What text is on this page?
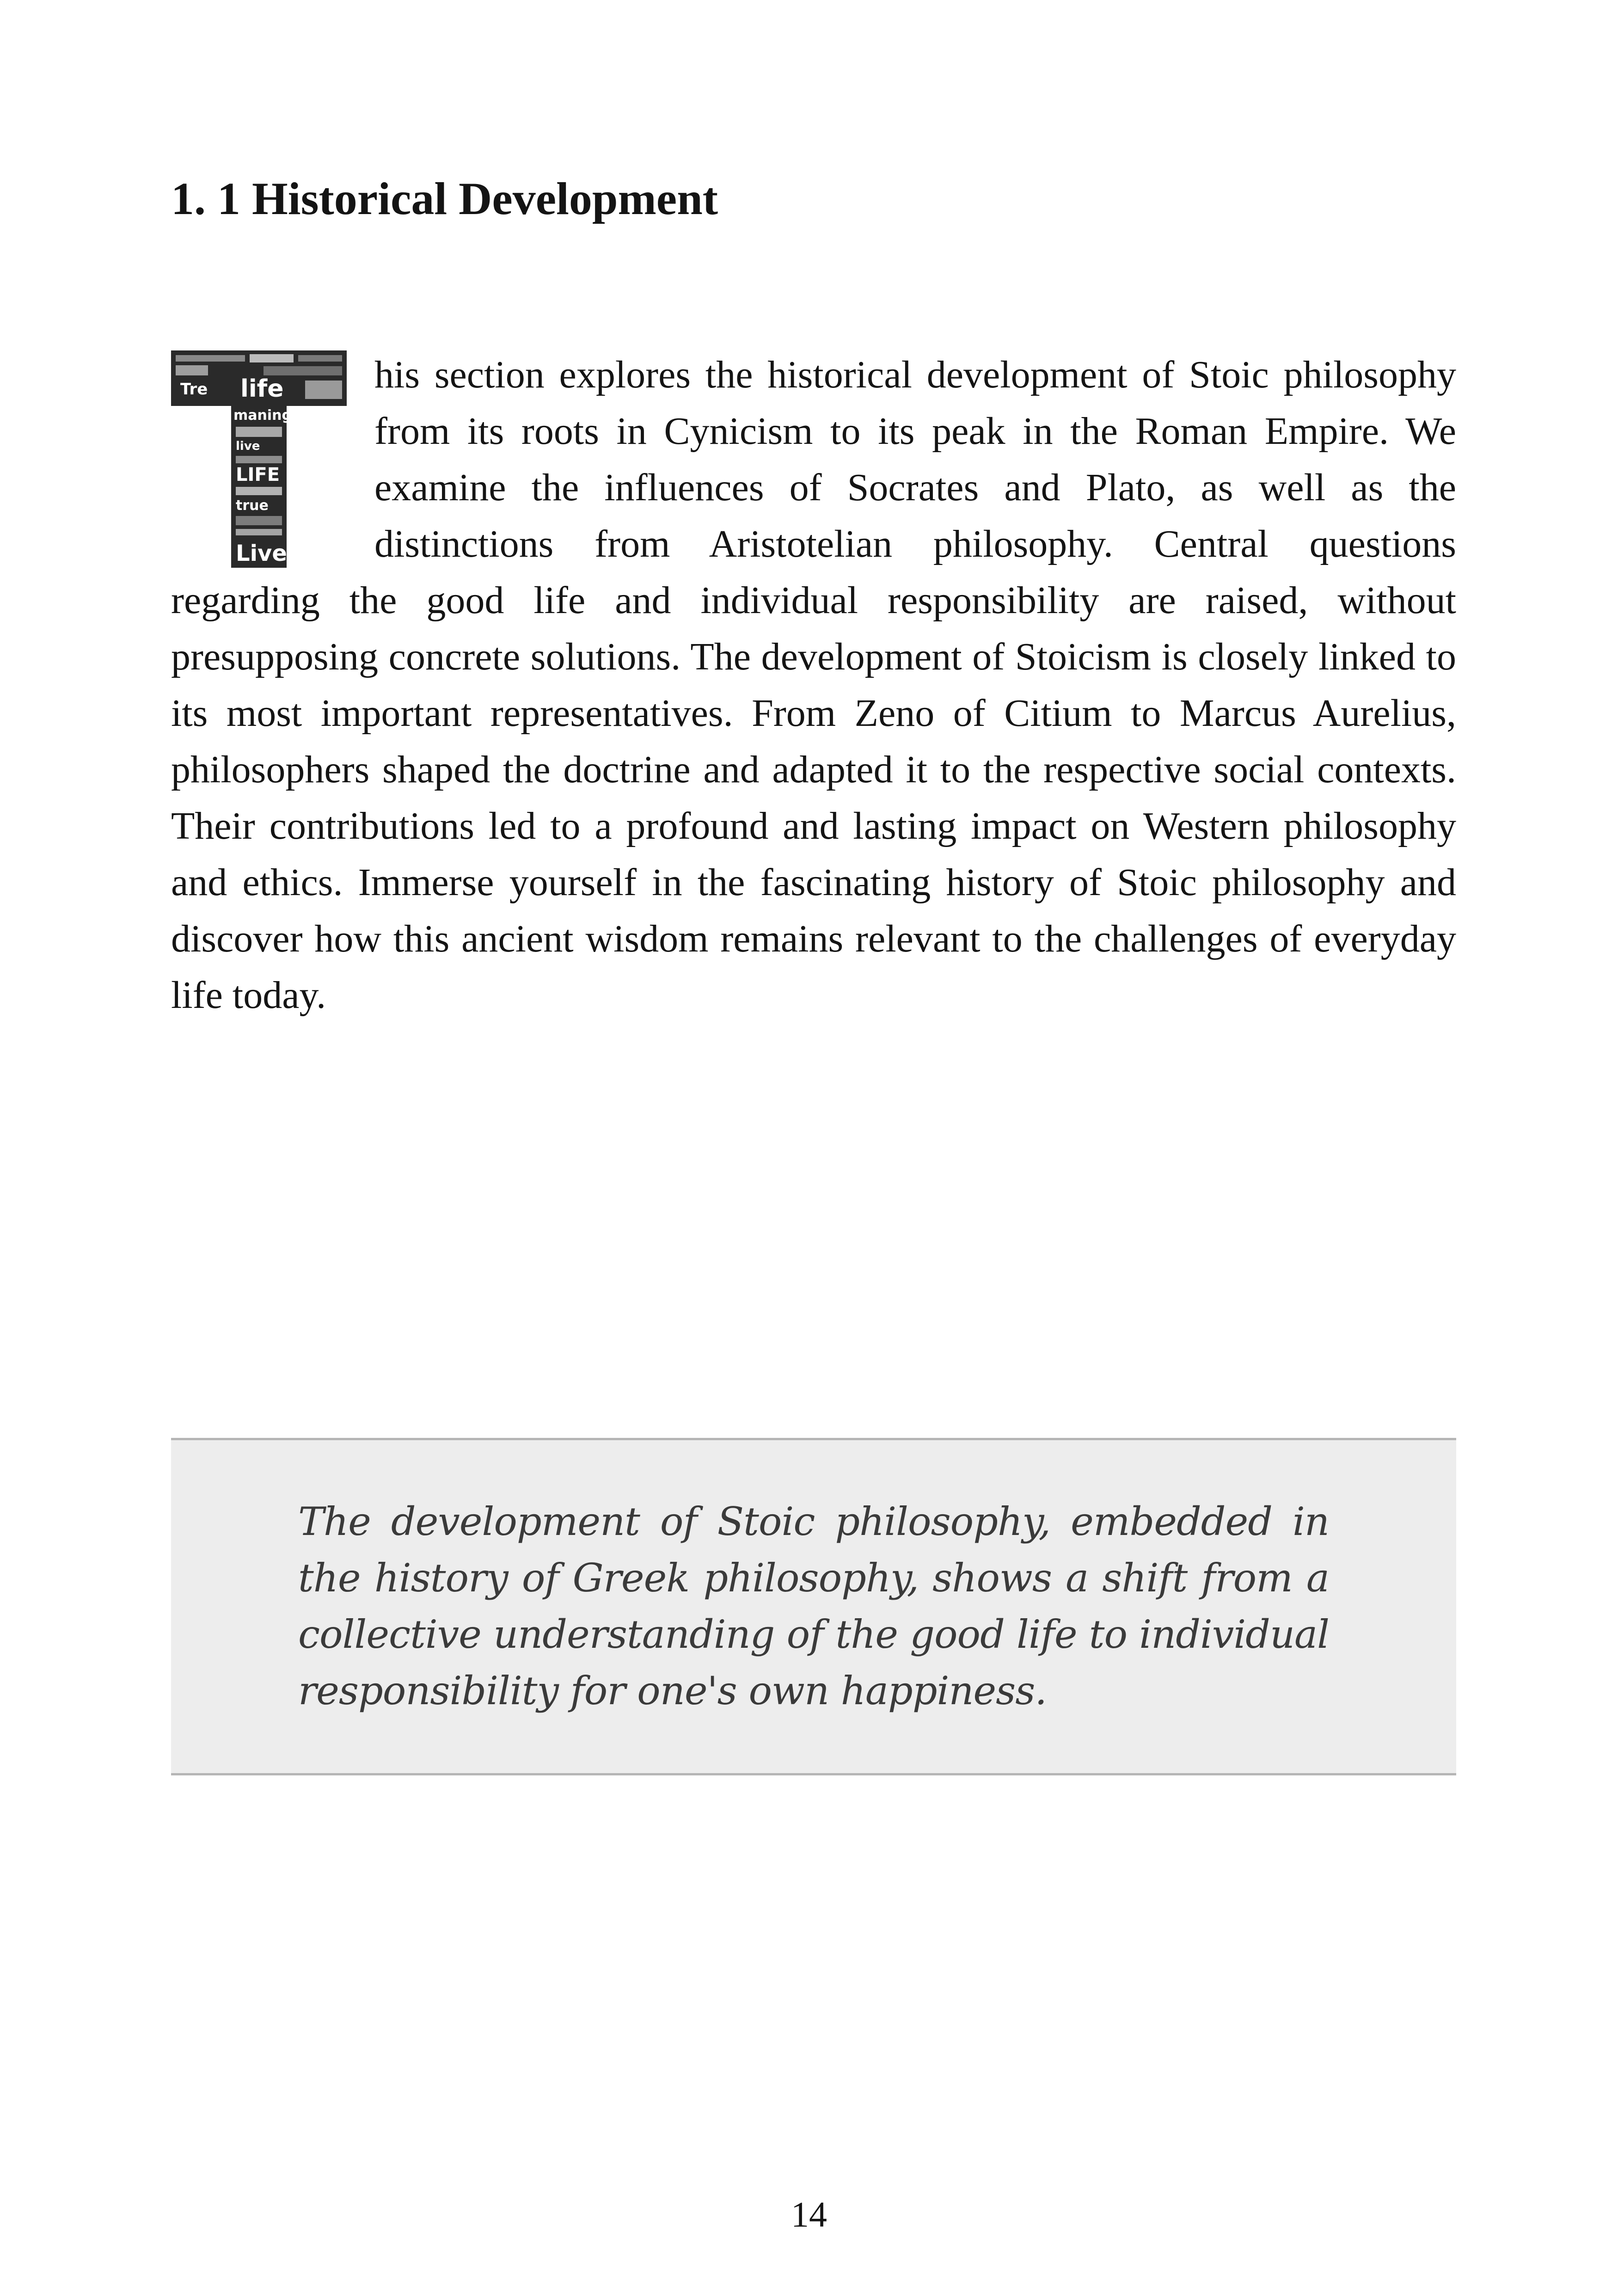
1. 1 Historical Development
Tre life
maning
live
LIFE
true
Live

his section explores the historical development of Stoic philosophy from its roots in Cynicism to its peak in the Roman Empire. We examine the influences of Socrates and Plato, as well as the distinctions from Aristotelian philosophy. Central questions regarding the good life and individual responsibility are raised, without presupposing concrete solutions. The development of Stoicism is closely linked to its most important representatives. From Zeno of Citium to Marcus Aurelius, philosophers shaped the doctrine and adapted it to the respective social contexts. Their contributions led to a profound and lasting impact on Western philosophy and ethics. Immerse yourself in the fascinating history of Stoic philosophy and discover how this ancient wisdom remains relevant to the challenges of everyday life today.

The development of Stoic philosophy, embedded in the history of Greek philosophy, shows a shift from a collective understanding of the good life to individual responsibility for one's own happiness.

14
